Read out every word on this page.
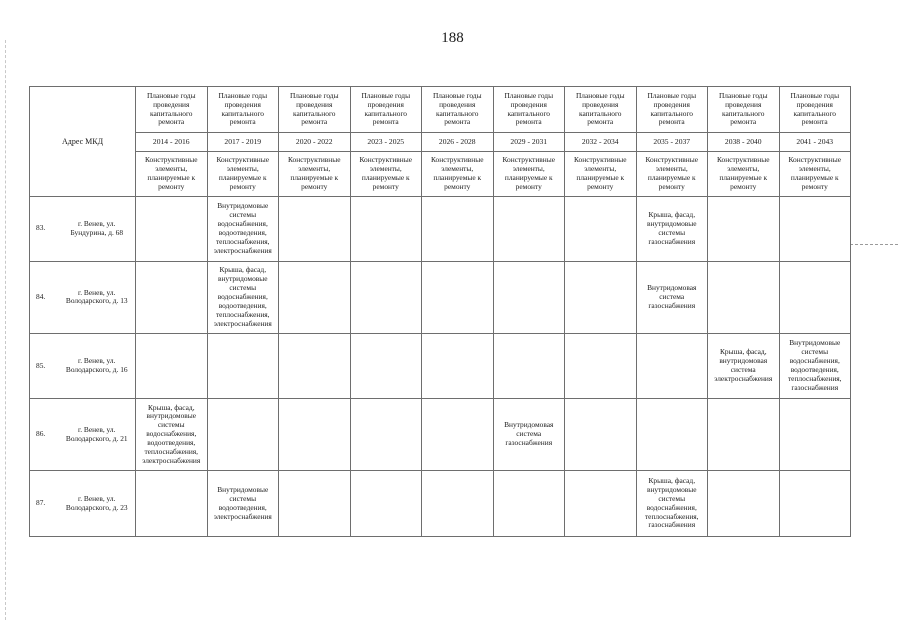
188
Адрес МКД		Плановые годы проведения капитального ремонта	Плановые годы проведения капитального ремонта	Плановые годы проведения капитального ремонта	Плановые годы проведения капитального ремонта	Плановые годы проведения капитального ремонта	Плановые годы проведения капитального ремонта	Плановые годы проведения капитального ремонта	Плановые годы проведения капитального ремонта	Плановые годы проведения капитального ремонта	Плановые годы проведения капитального ремонта
		2014 - 2016	2017 - 2019	2020 - 2022	2023 - 2025	2026 - 2028	2029 - 2031	2032 - 2034	2035 - 2037	2038 - 2040	2041 - 2043
		Конструктивные элементы, планируемые к ремонту	Конструктивные элементы, планируемые к ремонту	Конструктивные элементы, планируемые к ремонту	Конструктивные элементы, планируемые к ремонту	Конструктивные элементы, планируемые к ремонту	Конструктивные элементы, планируемые к ремонту	Конструктивные элементы, планируемые к ремонту	Конструктивные элементы, планируемые к ремонту	Конструктивные элементы, планируемые к ремонту	Конструктивные элементы, планируемые к ремонту
83.	г. Венев, ул. Бундурина, д. 68		Внутридомовые системы водоснабжения, водоотведения, теплоснабжения, электроснабжения						Крыша, фасад, внутридомовые системы газоснабжения		
84.	г. Венев, ул. Володарского, д. 13		Крыша, фасад, внутридомовые системы водоснабжения, водоотведения, теплоснабжения, электроснабжения						Внутридомовая система газоснабжения		
85.	г. Венев, ул. Володарского, д. 16									Крыша, фасад, внутридомовая система электроснабжения	Внутридомовые системы водоснабжения, водоотведения, теплоснабжения, газоснабжения
86.	г. Венев, ул. Володарского, д. 21	Крыша, фасад, внутридомовые системы водоснабжения, водоотведения, теплоснабжения, электроснабжения					Внутридомовая система газоснабжения				
87.	г. Венев, ул. Володарского, д. 23		Внутридомовые системы водоотведения, электроснабжения						Крыша, фасад, внутридомовые системы водоснабжения, теплоснабжения, газоснабжения		
